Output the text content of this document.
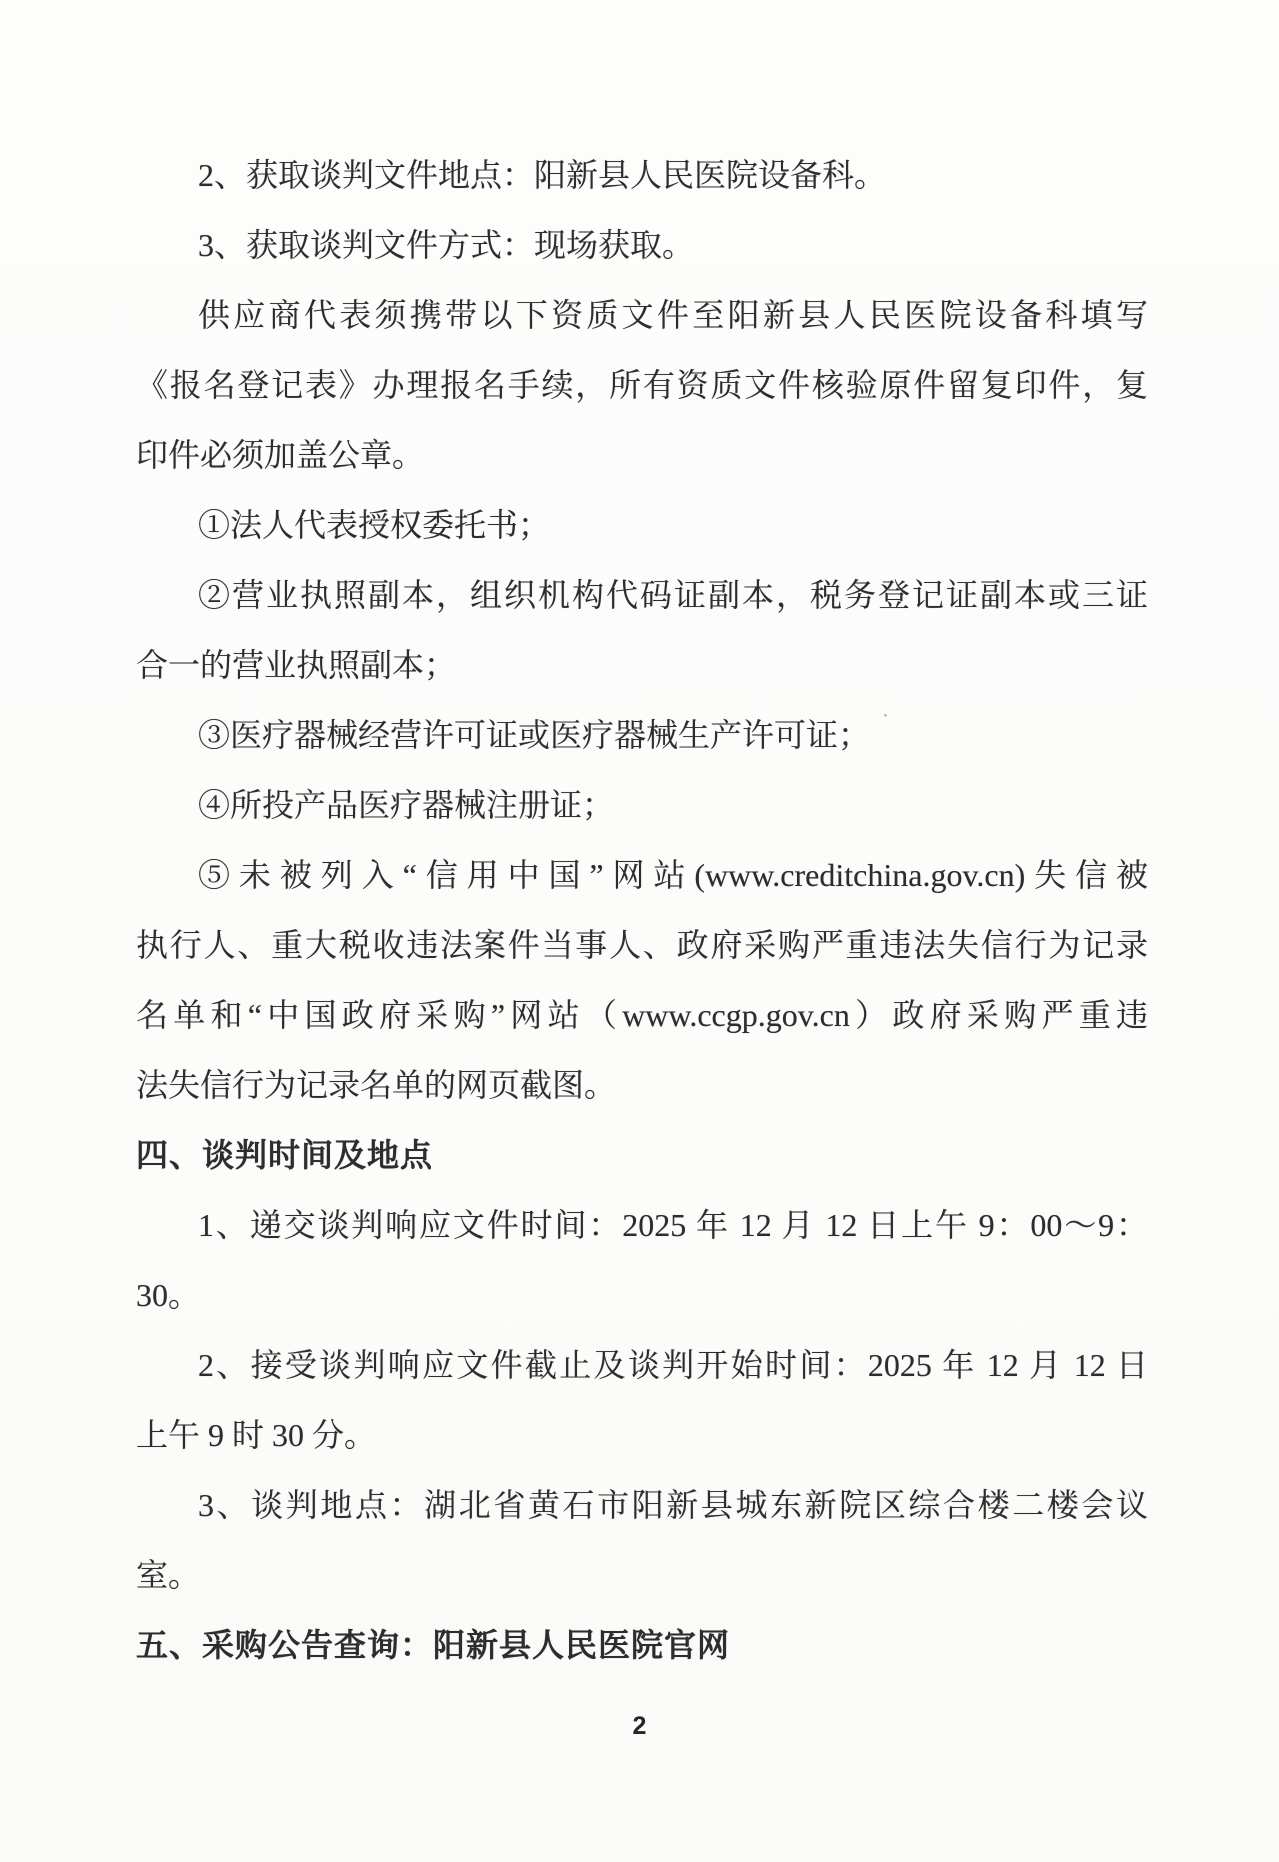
2、获取谈判文件地点：阳新县人民医院设备科。

3、获取谈判文件方式：现场获取。

供应商代表须携带以下资质文件至阳新县人民医院设备科填写

《报名登记表》办理报名手续，所有资质文件核验原件留复印件，复

印件必须加盖公章。

①法人代表授权委托书；

②营业执照副本，组织机构代码证副本，税务登记证副本或三证

合一的营业执照副本；

③医疗器械经营许可证或医疗器械生产许可证；

④所投产品医疗器械注册证；

⑤未被列入“信用中国”网站(www.creditchina.gov.cn)失信被

执行人、重大税收违法案件当事人、政府采购严重违法失信行为记录

名单和“中国政府采购”网站（www.ccgp.gov.cn）政府采购严重违

法失信行为记录名单的网页截图。

四、谈判时间及地点

1、递交谈判响应文件时间：2025 年 12 月 12 日上午 9：00～9：

30。

2、接受谈判响应文件截止及谈判开始时间：2025 年 12 月 12 日

上午 9 时 30 分。

3、谈判地点：湖北省黄石市阳新县城东新院区综合楼二楼会议

室。

五、采购公告查询：阳新县人民医院官网

·
2
